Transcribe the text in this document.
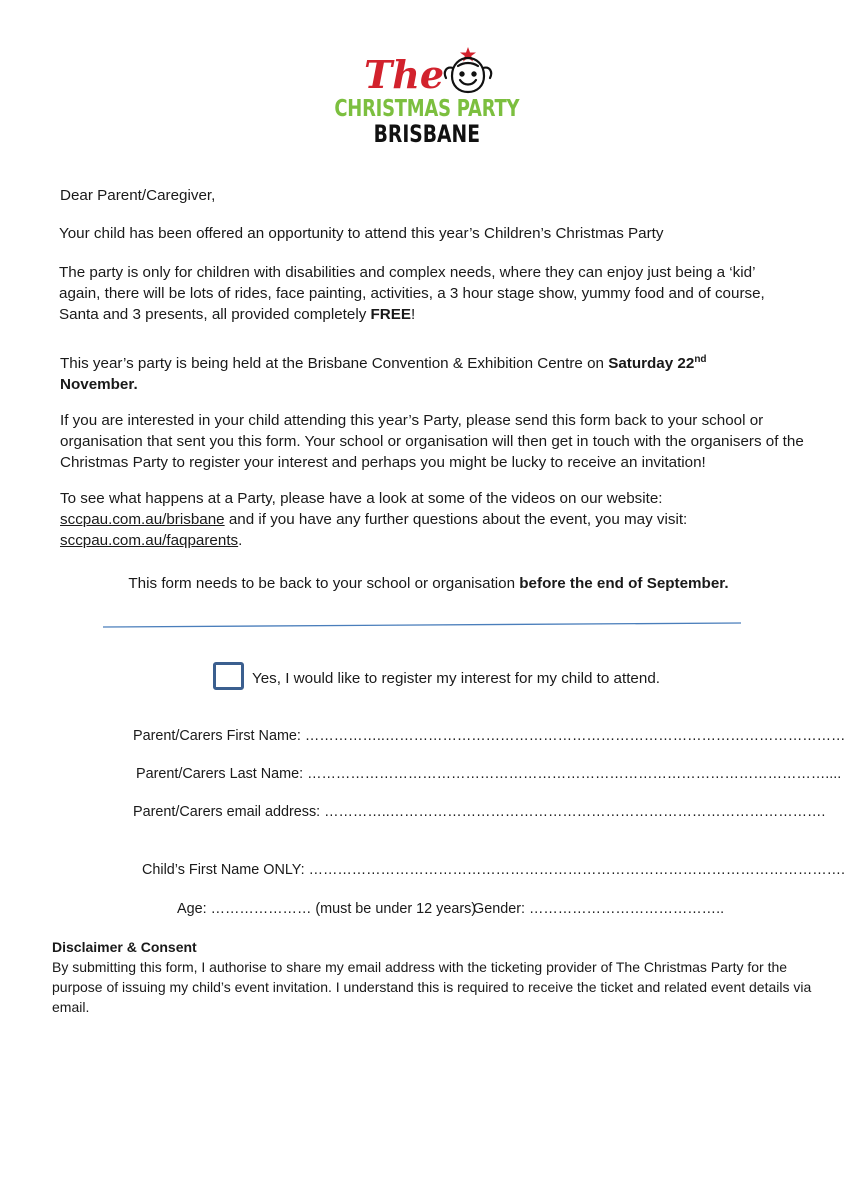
The
CHRISTMAS PARTY
BRISBANE

Dear Parent/Caregiver,

Your child has been offered an opportunity to attend this year’s Children’s Christmas Party

The party is only for children with disabilities and complex needs, where they can enjoy just being a ‘kid’ again, there will be lots of rides, face painting, activities, a 3 hour stage show, yummy food and of course, Santa and 3 presents, all provided completely FREE!

This year’s party is being held at the Brisbane Convention & Exhibition Centre on Saturday 22nd
November.

If you are interested in your child attending this year’s Party, please send this form back to your school or organisation that sent you this form. Your school or organisation will then get in touch with the organisers of the Christmas Party to register your interest and perhaps you might be lucky to receive an invitation!

To see what happens at a Party, please have a look at some of the videos on our website:
sccpau.com.au/brisbane and if you have any further questions about the event, you may visit:
sccpau.com.au/faqparents.

This form needs to be back to your school or organisation before the end of September.

Yes, I would like to register my interest for my child to attend.
Parent/Carers First Name: ……………..……………………………………………………………………………………
Parent/Carers Last Name: ………………………………………………………………………………………………....
Parent/Carers email address: …………..……………………………………………………………………………….
Child’s First Name ONLY: ………………………………………………………………………………………………….
Age: ………………… (must be under 12 years)
Gender: …………………………………..
Disclaimer & Consent

By submitting this form, I authorise to share my email address with the ticketing provider of The Christmas Party for the purpose of issuing my child’s event invitation. I understand this is required to receive the ticket and related event details via email.
